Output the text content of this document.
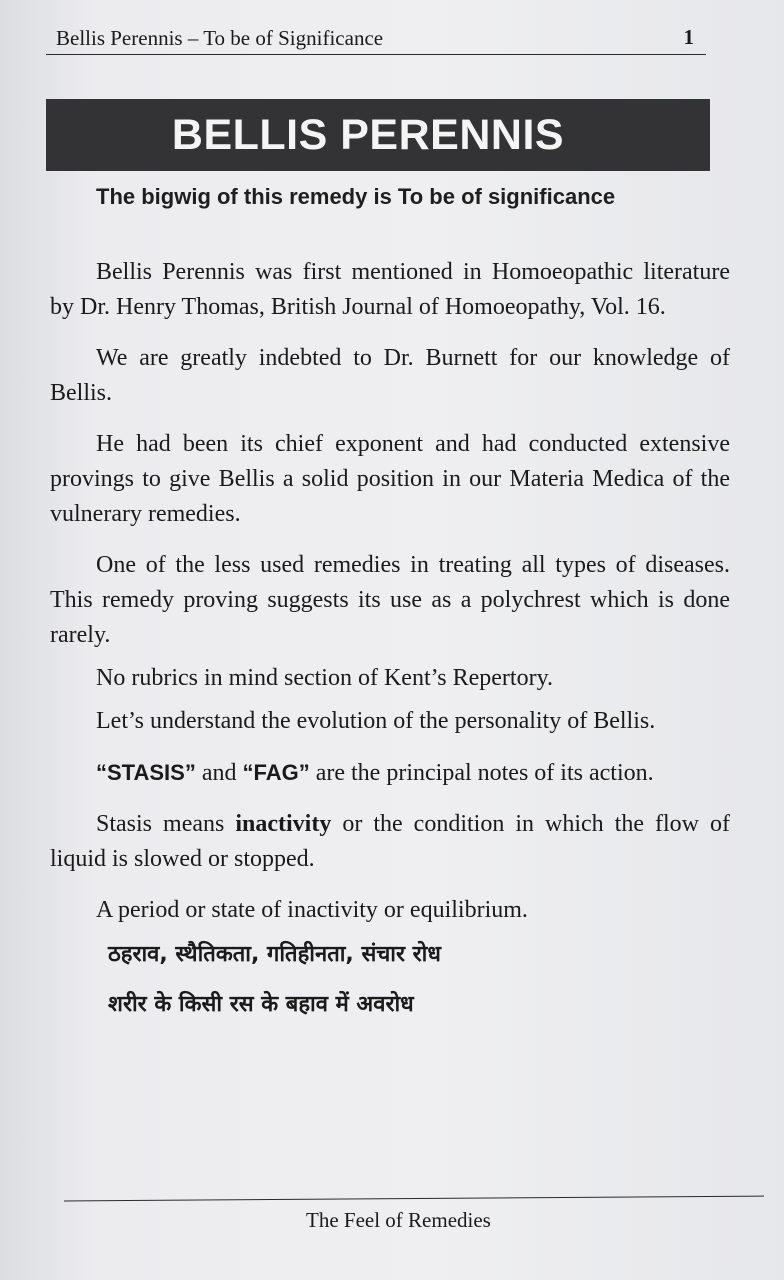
Bellis Perennis – To be of Significance	1
BELLIS PERENNIS
The bigwig of this remedy is To be of significance

Bellis Perennis was first mentioned in Homoeopathic literature by Dr. Henry Thomas, British Journal of Homoeopathy, Vol. 16.

We are greatly indebted to Dr. Burnett for our knowledge of Bellis.

He had been its chief exponent and had conducted extensive provings to give Bellis a solid position in our Materia Medica of the vulnerary remedies.

One of the less used remedies in treating all types of diseases. This remedy proving suggests its use as a polychrest which is done rarely.

No rubrics in mind section of Kent’s Repertory.

Let’s understand the evolution of the personality of Bellis.

“STASIS” and “FAG” are the principal notes of its action.

Stasis means inactivity or the condition in which the flow of liquid is slowed or stopped.

A period or state of inactivity or equilibrium.

ठहराव, स्थैतिकता, गतिहीनता, संचार रोध
शरीर के किसी रस के बहाव में अवरोध
The Feel of Remedies
